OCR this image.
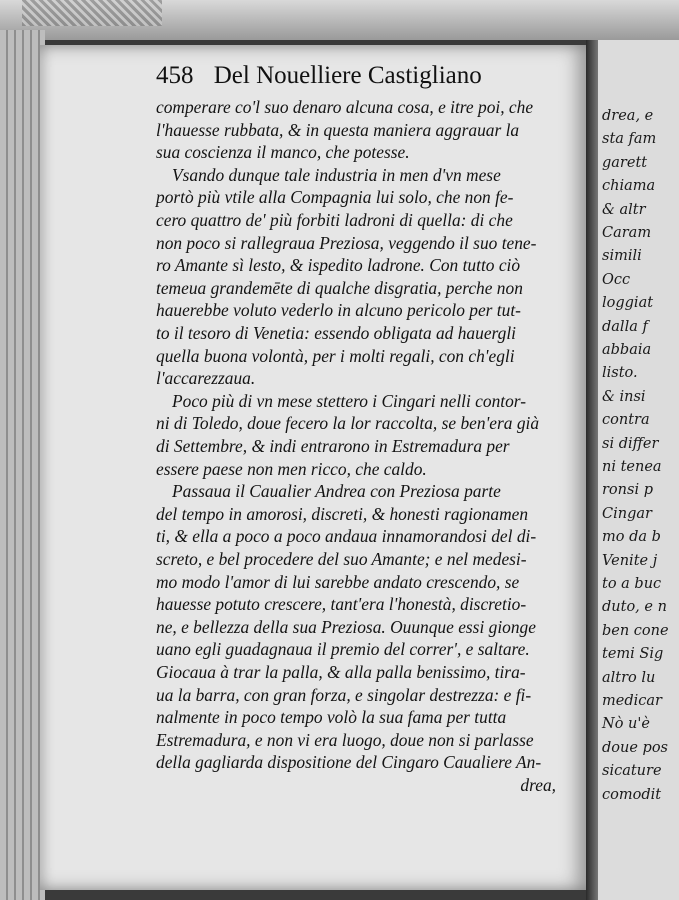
drea, e

sta fam

garett

chiama

& altr

Caram

simili

Occ

loggiat

dalla f

abbaia

listo.

& insi

contra

si differ

ni tenea

ronsi p

Cingar

mo da b

Venite j

to a buc

duto, e n

ben cone

temi Sig

altro lu

medicar

Nò u'è

doue pos

sicature

comodit

458 Del Nouelliere Castigliano

comperare co'l suo denaro alcuna cosa, e itre poi, che

l'hauesse rubbata, & in questa maniera aggrauar la

sua coscienza il manco, che potesse.

Vsando dunque tale industria in men d'vn mese

portò più vtile alla Compagnia lui solo, che non fe-

cero quattro de' più forbiti ladroni di quella: di che

non poco si rallegraua Preziosa, veggendo il suo tene-

ro Amante sì lesto, & ispedito ladrone. Con tutto ciò

temeua grandemēte di qualche disgratia, perche non

hauerebbe voluto vederlo in alcuno pericolo per tut-

to il tesoro di Venetia: essendo obligata ad hauergli

quella buona volontà, per i molti regali, con ch'egli

l'accarezzaua.

Poco più di vn mese stettero i Cingari nelli contor-

ni di Toledo, doue fecero la lor raccolta, se ben'era già

di Settembre, & indi entrarono in Estremadura per

essere paese non men ricco, che caldo.

Passaua il Caualier Andrea con Preziosa parte

del tempo in amorosi, discreti, & honesti ragionamen

ti, & ella a poco a poco andaua innamorandosi del di-

screto, e bel procedere del suo Amante; e nel medesi-

mo modo l'amor di lui sarebbe andato crescendo, se

hauesse potuto crescere, tant'era l'honestà, discretio-

ne, e bellezza della sua Preziosa. Ouunque essi gionge

uano egli guadagnaua il premio del correr', e saltare.

Giocaua à trar la palla, & alla palla benissimo, tira-

ua la barra, con gran forza, e singolar destrezza: e fi-

nalmente in poco tempo volò la sua fama per tutta

Estremadura, e non vi era luogo, doue non si parlasse

della gagliarda dispositione del Cingaro Caualiere An-

drea,
